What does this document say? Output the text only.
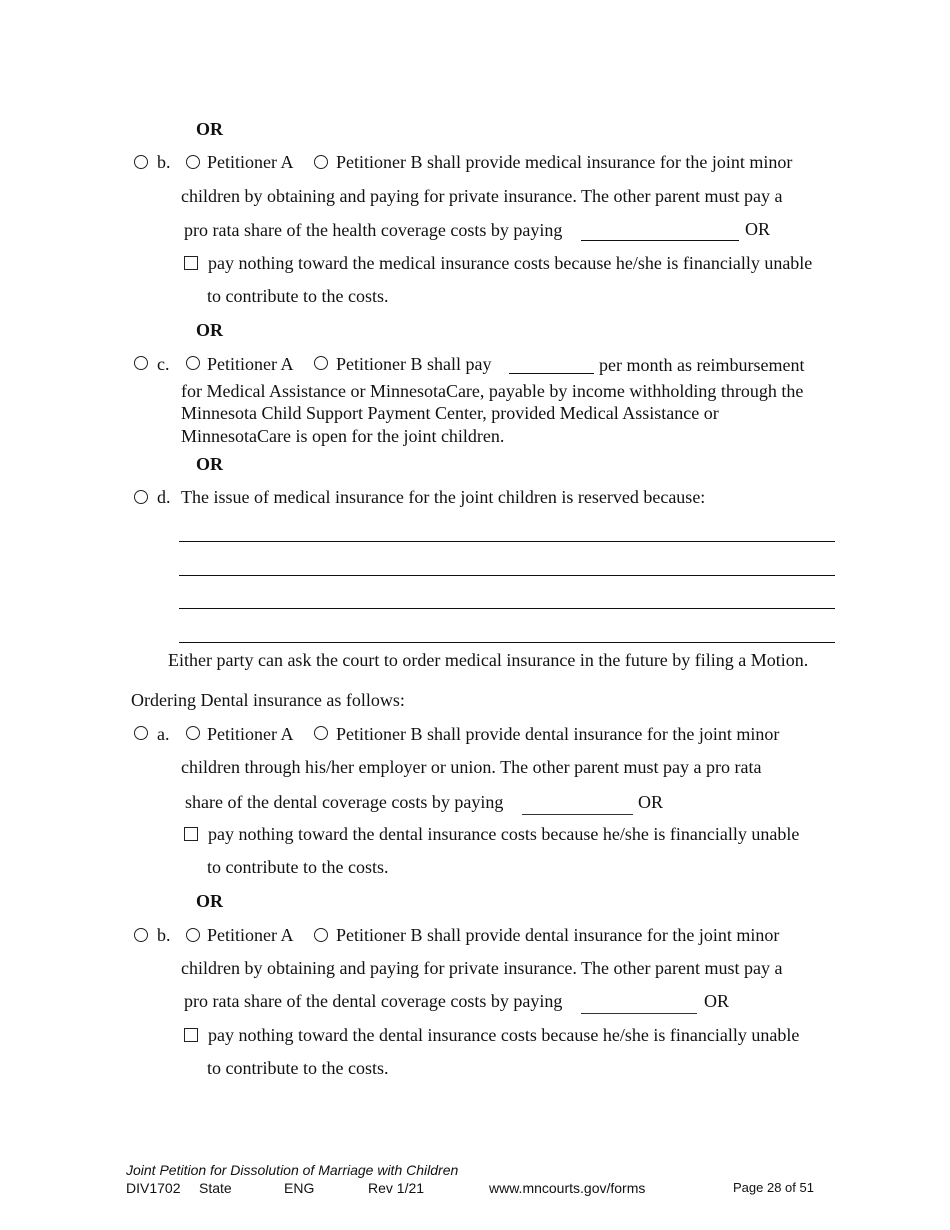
OR
b. Petitioner A Petitioner B shall provide medical insurance for the joint minor
children by obtaining and paying for private insurance. The other parent must pay a
pro rata share of the health coverage costs by paying	OR
pay nothing toward the medical insurance costs because he/she is financially unable
to contribute to the costs.
OR
c. Petitioner A Petitioner B shall pay	per month as reimbursement
for Medical Assistance or MinnesotaCare, payable by income withholding through the
Minnesota Child Support Payment Center, provided Medical Assistance or
MinnesotaCare is open for the joint children.
OR
d. The issue of medical insurance for the joint children is reserved because:
Either party can ask the court to order medical insurance in the future by filing a Motion.
Ordering Dental insurance as follows:
a. Petitioner A Petitioner B shall provide dental insurance for the joint minor
children through his/her employer or union. The other parent must pay a pro rata
share of the dental coverage costs by paying	OR
pay nothing toward the dental insurance costs because he/she is financially unable
to contribute to the costs.
OR
b. Petitioner A Petitioner B shall provide dental insurance for the joint minor
children by obtaining and paying for private insurance. The other parent must pay a
pro rata share of the dental coverage costs by paying	OR
pay nothing toward the dental insurance costs because he/she is financially unable
to contribute to the costs.
Joint Petition for Dissolution of Marriage with Children
DIV1702 State	ENG	Rev 1/21	www.mncourts.gov/forms	Page 28 of 51
